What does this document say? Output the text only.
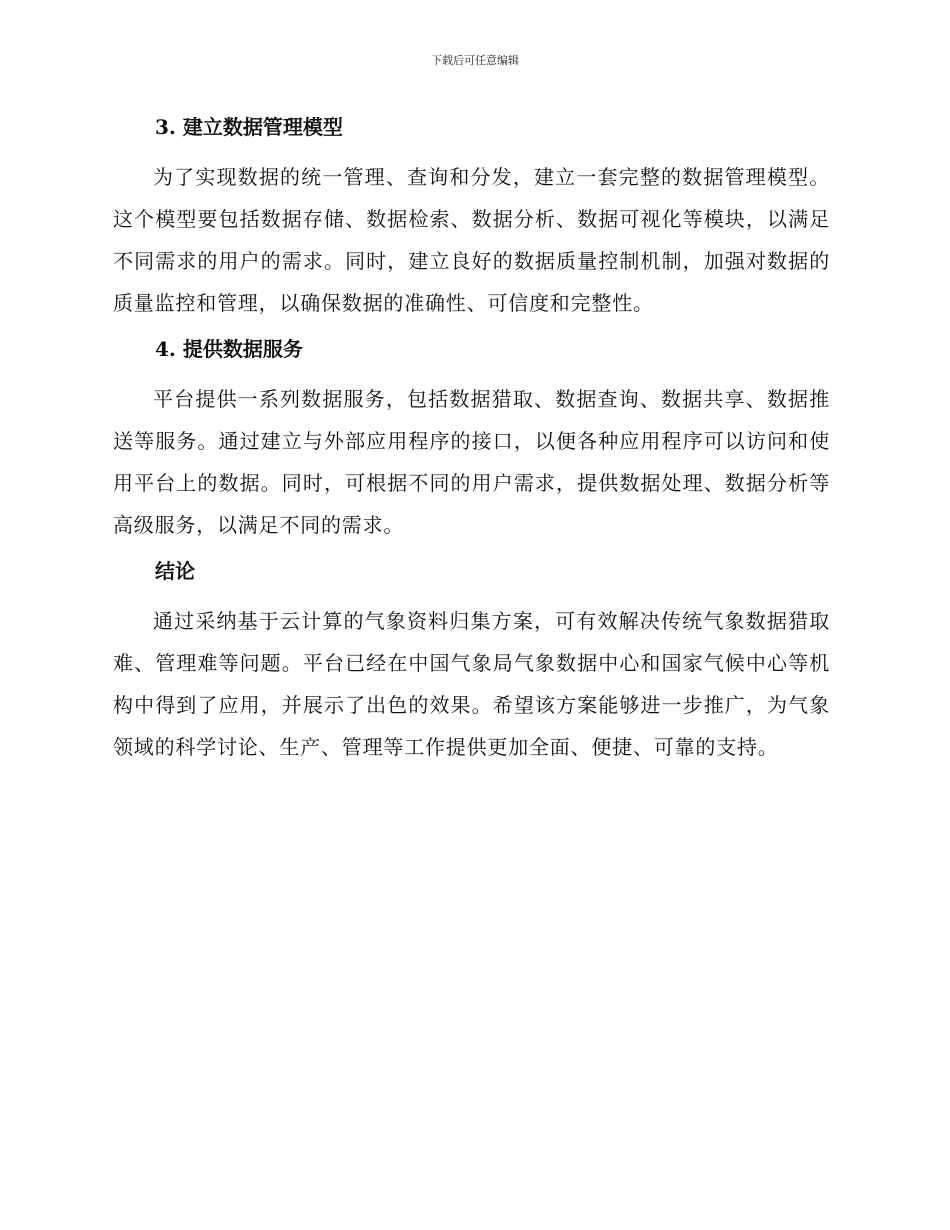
下载后可任意编辑
3. 建立数据管理模型

为了实现数据的统一管理、查询和分发，建立一套完整的数据管理模型。这个模型要包括数据存储、数据检索、数据分析、数据可视化等模块，以满足不同需求的用户的需求。同时，建立良好的数据质量控制机制，加强对数据的质量监控和管理，以确保数据的准确性、可信度和完整性。

4. 提供数据服务

平台提供一系列数据服务，包括数据猎取、数据查询、数据共享、数据推送等服务。通过建立与外部应用程序的接口，以便各种应用程序可以访问和使用平台上的数据。同时，可根据不同的用户需求，提供数据处理、数据分析等高级服务，以满足不同的需求。

结论

通过采纳基于云计算的气象资料归集方案，可有效解决传统气象数据猎取难、管理难等问题。平台已经在中国气象局气象数据中心和国家气候中心等机构中得到了应用，并展示了出色的效果。希望该方案能够进一步推广，为气象领域的科学讨论、生产、管理等工作提供更加全面、便捷、可靠的支持。
